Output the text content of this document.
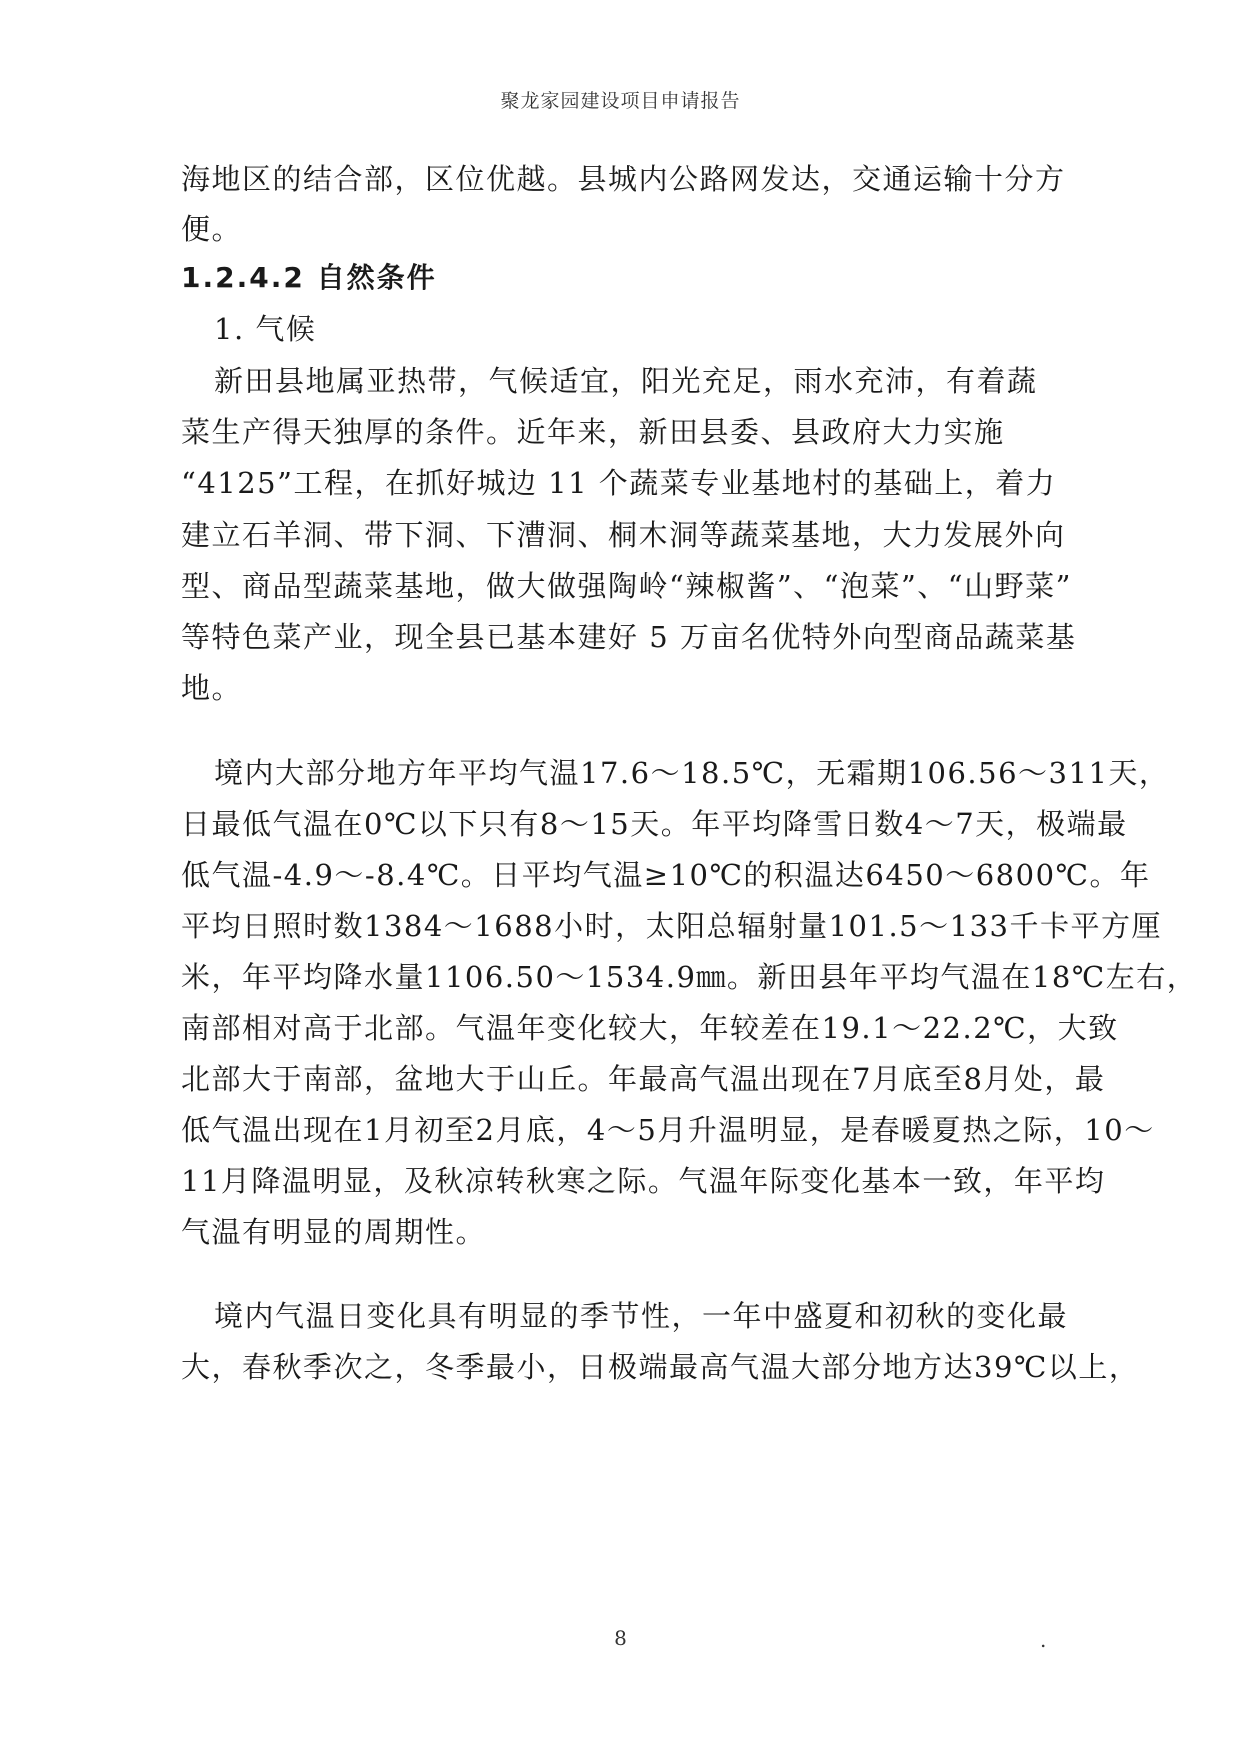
聚龙家园建设项目申请报告
海地区的结合部，区位优越。县城内公路网发达，交通运输十分方
便。
1.2.4.2 自然条件
1. 气候
新田县地属亚热带，气候适宜，阳光充足，雨水充沛，有着蔬
菜生产得天独厚的条件。近年来，新田县委、县政府大力实施
“4125”工程，在抓好城边 11 个蔬菜专业基地村的基础上，着力
建立石羊洞、带下洞、下漕洞、桐木洞等蔬菜基地，大力发展外向
型、商品型蔬菜基地，做大做强陶岭“辣椒酱”、“泡菜”、“山野菜”
等特色菜产业，现全县已基本建好 5 万亩名优特外向型商品蔬菜基
地。
境内大部分地方年平均气温17.6～18.5℃，无霜期106.56～311天，
日最低气温在0℃以下只有8～15天。年平均降雪日数4～7天，极端最
低气温-4.9～-8.4℃。日平均气温≥10℃的积温达6450～6800℃。年
平均日照时数1384～1688小时，太阳总辐射量101.5～133千卡平方厘
米，年平均降水量1106.50～1534.9㎜。新田县年平均气温在18℃左右，
南部相对高于北部。气温年变化较大，年较差在19.1～22.2℃，大致
北部大于南部，盆地大于山丘。年最高气温出现在7月底至8月处，最
低气温出现在1月初至2月底，4～5月升温明显，是春暖夏热之际，10～
11月降温明显，及秋凉转秋寒之际。气温年际变化基本一致，年平均
气温有明显的周期性。
境内气温日变化具有明显的季节性，一年中盛夏和初秋的变化最
大，春秋季次之，冬季最小，日极端最高气温大部分地方达39℃以上，
8	.
